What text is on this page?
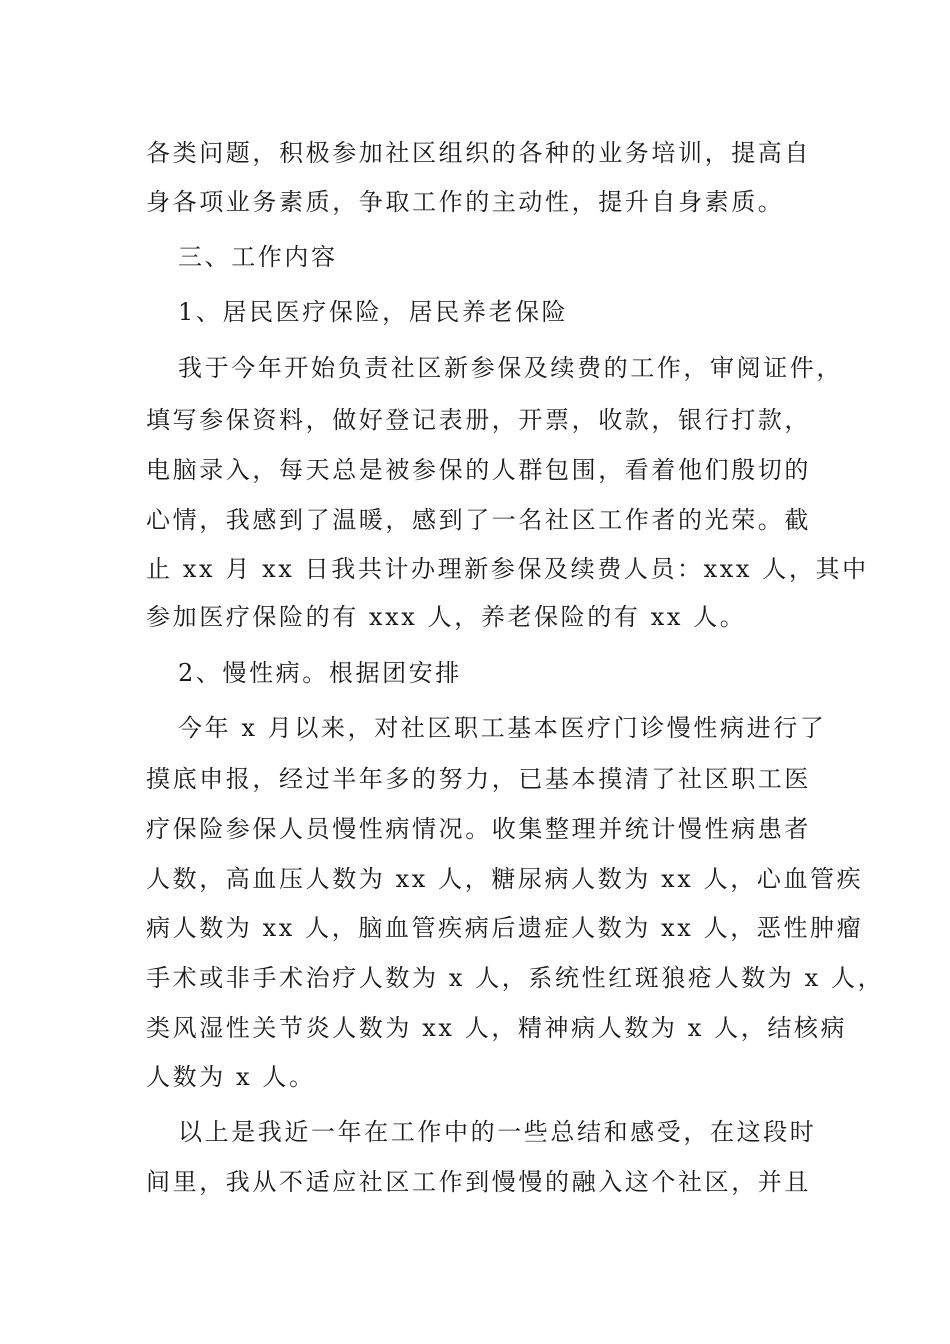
各类问题，积极参加社区组织的各种的业务培训，提高自
身各项业务素质，争取工作的主动性，提升自身素质。
三、工作内容
1、居民医疗保险，居民养老保险
我于今年开始负责社区新参保及续费的工作，审阅证件，
填写参保资料，做好登记表册，开票，收款，银行打款，
电脑录入，每天总是被参保的人群包围，看着他们殷切的
心情，我感到了温暖，感到了一名社区工作者的光荣。截
止 xx 月 xx 日我共计办理新参保及续费人员：xxx 人，其中
参加医疗保险的有 xxx 人，养老保险的有 xx 人。
2、慢性病。根据团安排
今年 x 月以来，对社区职工基本医疗门诊慢性病进行了
摸底申报，经过半年多的努力，已基本摸清了社区职工医
疗保险参保人员慢性病情况。收集整理并统计慢性病患者
人数，高血压人数为 xx 人，糖尿病人数为 xx 人，心血管疾
病人数为 xx 人，脑血管疾病后遗症人数为 xx 人，恶性肿瘤
手术或非手术治疗人数为 x 人，系统性红斑狼疮人数为 x 人，
类风湿性关节炎人数为 xx 人，精神病人数为 x 人，结核病
人数为 x 人。
以上是我近一年在工作中的一些总结和感受，在这段时
间里，我从不适应社区工作到慢慢的融入这个社区，并且
